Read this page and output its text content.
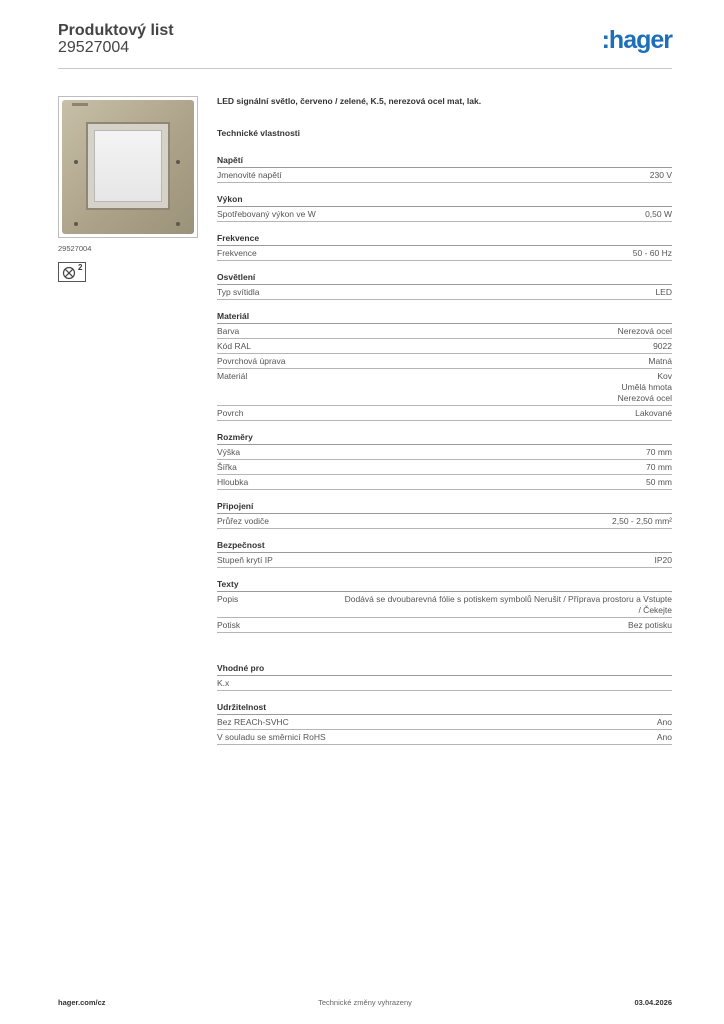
Produktový list
29527004	:hager
29527004
2
LED signální světlo, červeno / zelené, K.5, nerezová ocel mat, lak.
Technické vlastnosti
Napětí
Jmenovité napětí	230 V
Výkon
Spotřebovaný výkon ve W	0,50 W
Frekvence
Frekvence	50 - 60 Hz
Osvětlení
Typ svítidla	LED
Materiál
Barva	Nerezová ocel
Kód RAL	9022
Povrchová úprava	Matná
Materiál	Kov
Umělá hmota
Nerezová ocel
Povrch	Lakované
Rozměry
Výška	70 mm
Šířka	70 mm
Hloubka	50 mm
Připojení
Průřez vodiče	2,50 - 2,50 mm²
Bezpečnost
Stupeň krytí IP	IP20
Texty
Popis	Dodává se dvoubarevná fólie s potiskem symbolů Nerušit / Příprava prostoru a Vstupte / Čekejte
Potisk	Bez potisku
Vhodné pro
K.x
Udržitelnost
Bez REACh-SVHC	Ano
V souladu se směrnicí RoHS	Ano
hager.com/cz	Technické změny vyhrazeny	03.04.2026
